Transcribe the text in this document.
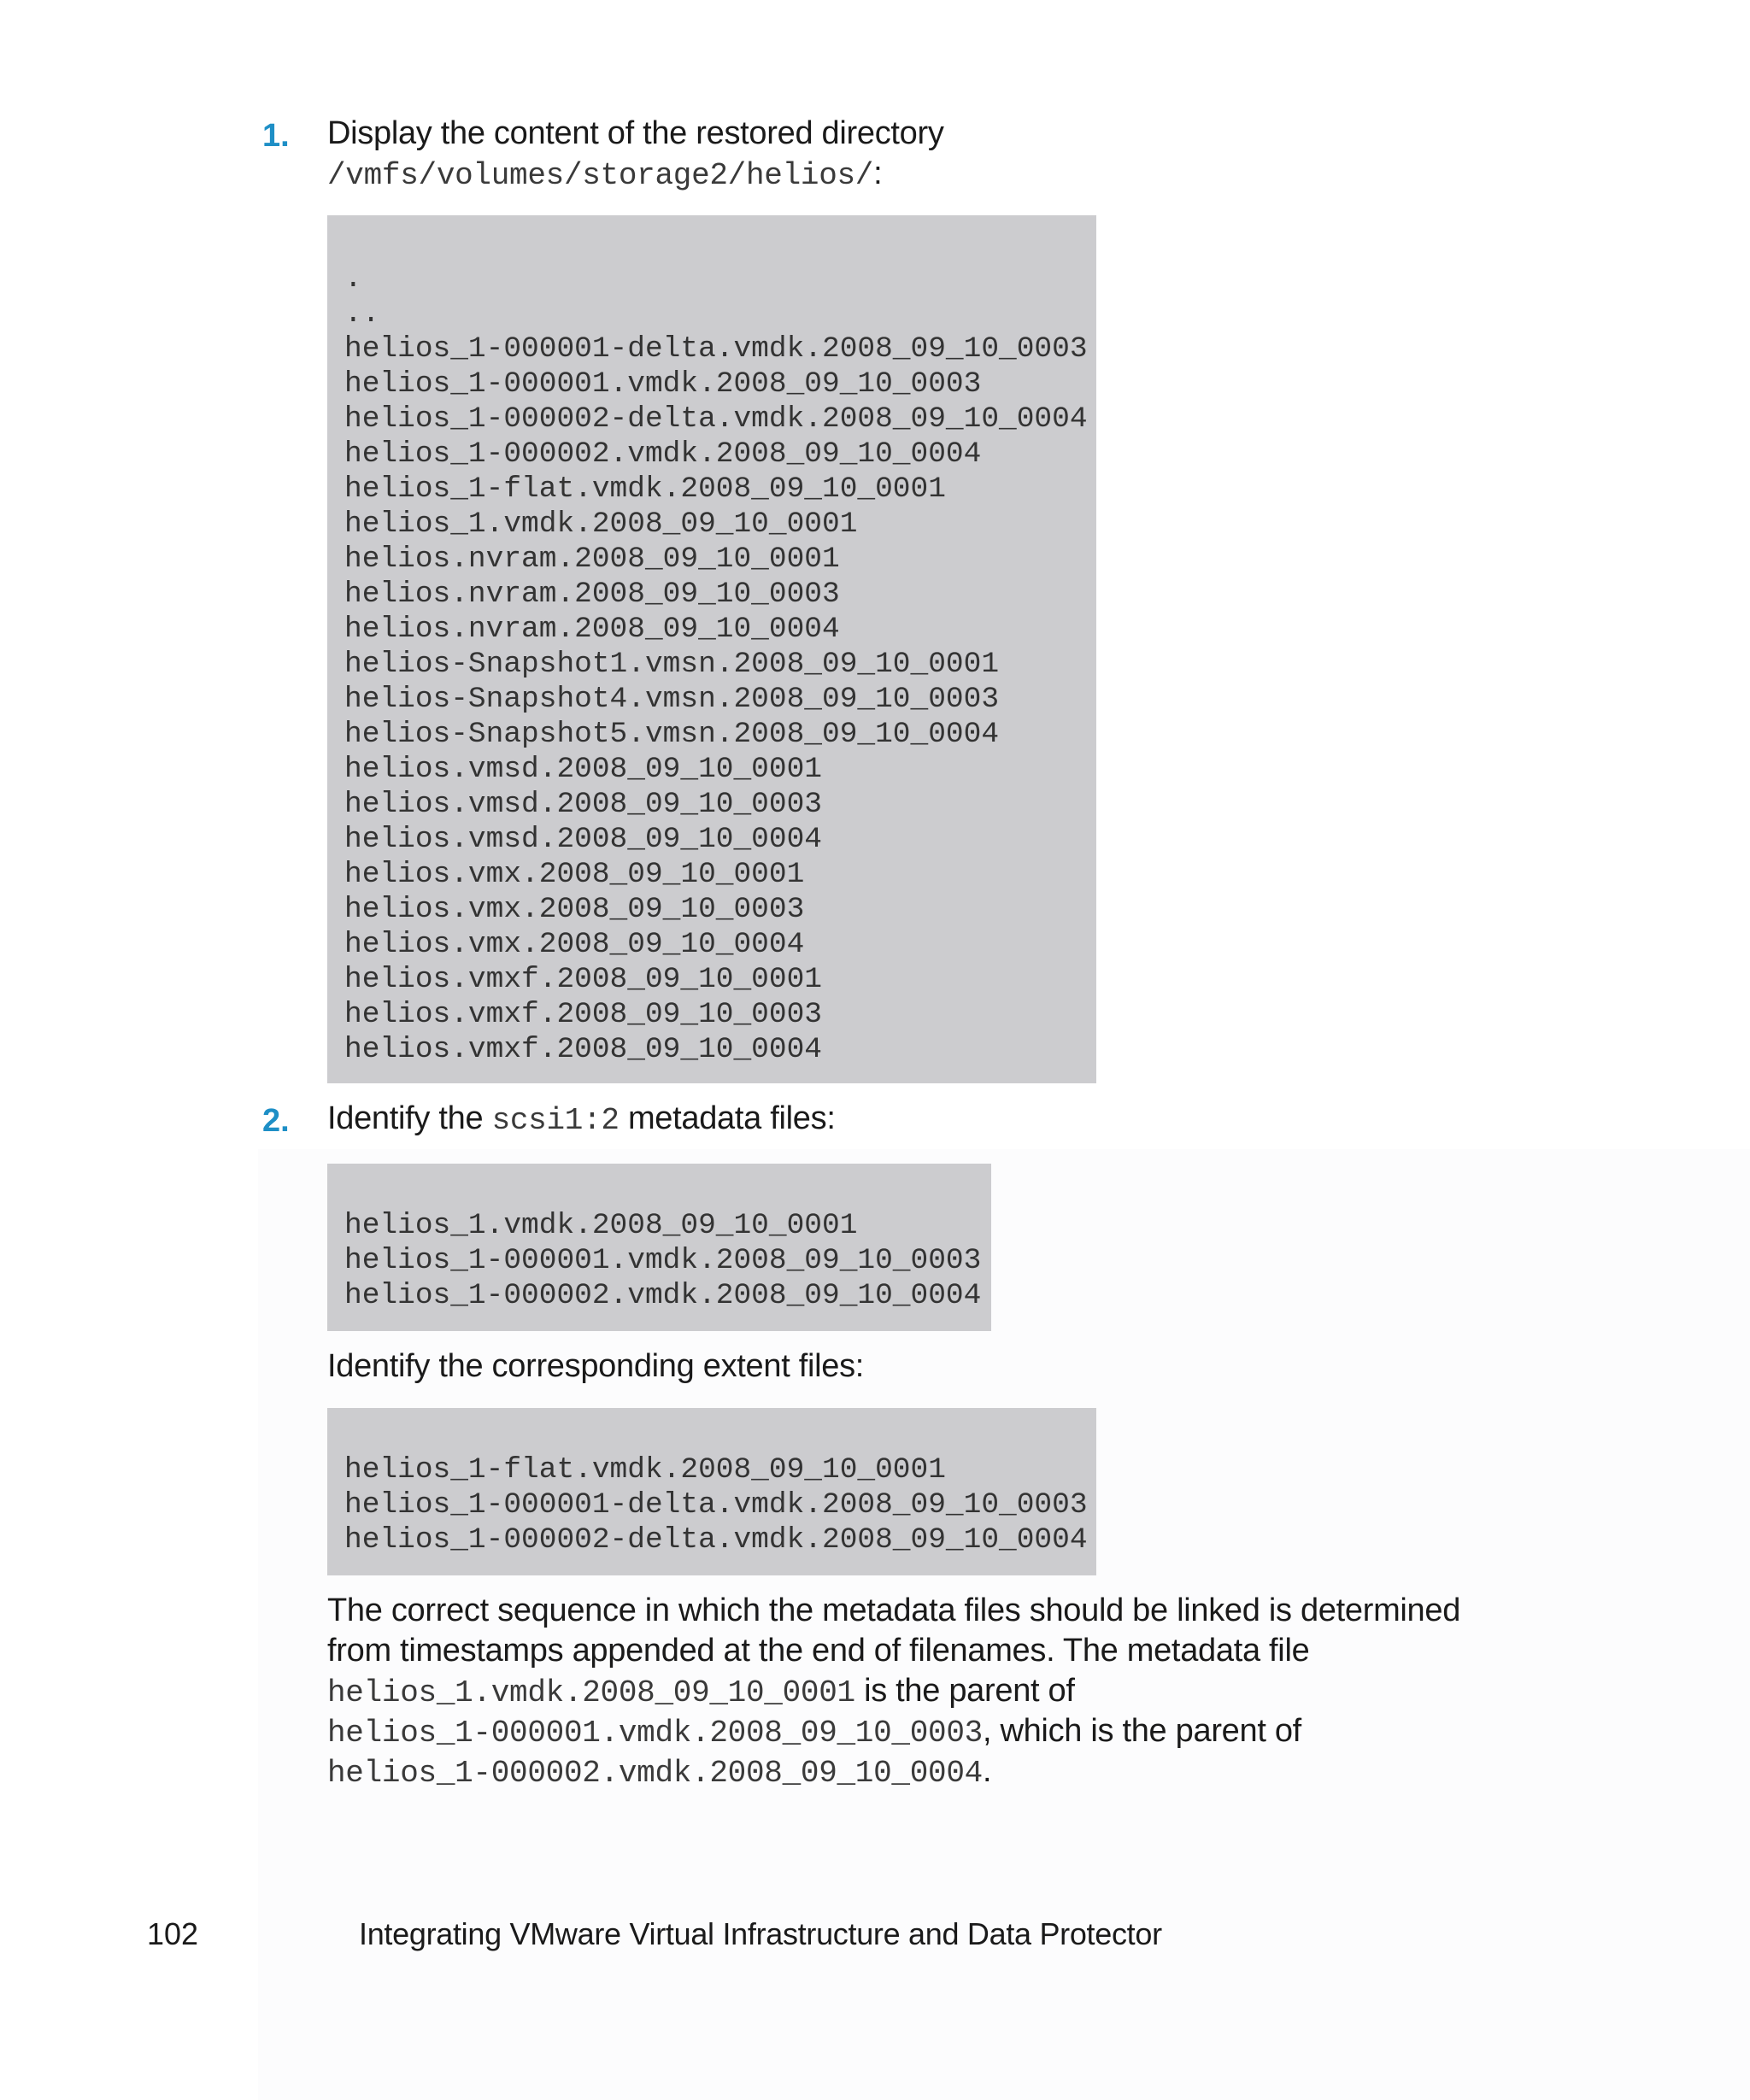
1.	Display the content of the restored directory

/vmfs/volumes/storage2/helios/:

.
..
helios_1-000001-delta.vmdk.2008_09_10_0003
helios_1-000001.vmdk.2008_09_10_0003
helios_1-000002-delta.vmdk.2008_09_10_0004
helios_1-000002.vmdk.2008_09_10_0004
helios_1-flat.vmdk.2008_09_10_0001
helios_1.vmdk.2008_09_10_0001
helios.nvram.2008_09_10_0001
helios.nvram.2008_09_10_0003
helios.nvram.2008_09_10_0004
helios-Snapshot1.vmsn.2008_09_10_0001
helios-Snapshot4.vmsn.2008_09_10_0003
helios-Snapshot5.vmsn.2008_09_10_0004
helios.vmsd.2008_09_10_0001
helios.vmsd.2008_09_10_0003
helios.vmsd.2008_09_10_0004
helios.vmx.2008_09_10_0001
helios.vmx.2008_09_10_0003
helios.vmx.2008_09_10_0004
helios.vmxf.2008_09_10_0001
helios.vmxf.2008_09_10_0003
helios.vmxf.2008_09_10_0004
2.	Identify the scsi1:2 metadata files:

helios_1.vmdk.2008_09_10_0001
helios_1-000001.vmdk.2008_09_10_0003
helios_1-000002.vmdk.2008_09_10_0004

Identify the corresponding extent files:

helios_1-flat.vmdk.2008_09_10_0001
helios_1-000001-delta.vmdk.2008_09_10_0003
helios_1-000002-delta.vmdk.2008_09_10_0004

The correct sequence in which the metadata files should be linked is determined

from timestamps appended at the end of filenames. The metadata file

helios_1.vmdk.2008_09_10_0001 is the parent of

helios_1-000001.vmdk.2008_09_10_0003, which is the parent of

helios_1-000002.vmdk.2008_09_10_0004.

102	Integrating VMware Virtual Infrastructure and Data Protector
